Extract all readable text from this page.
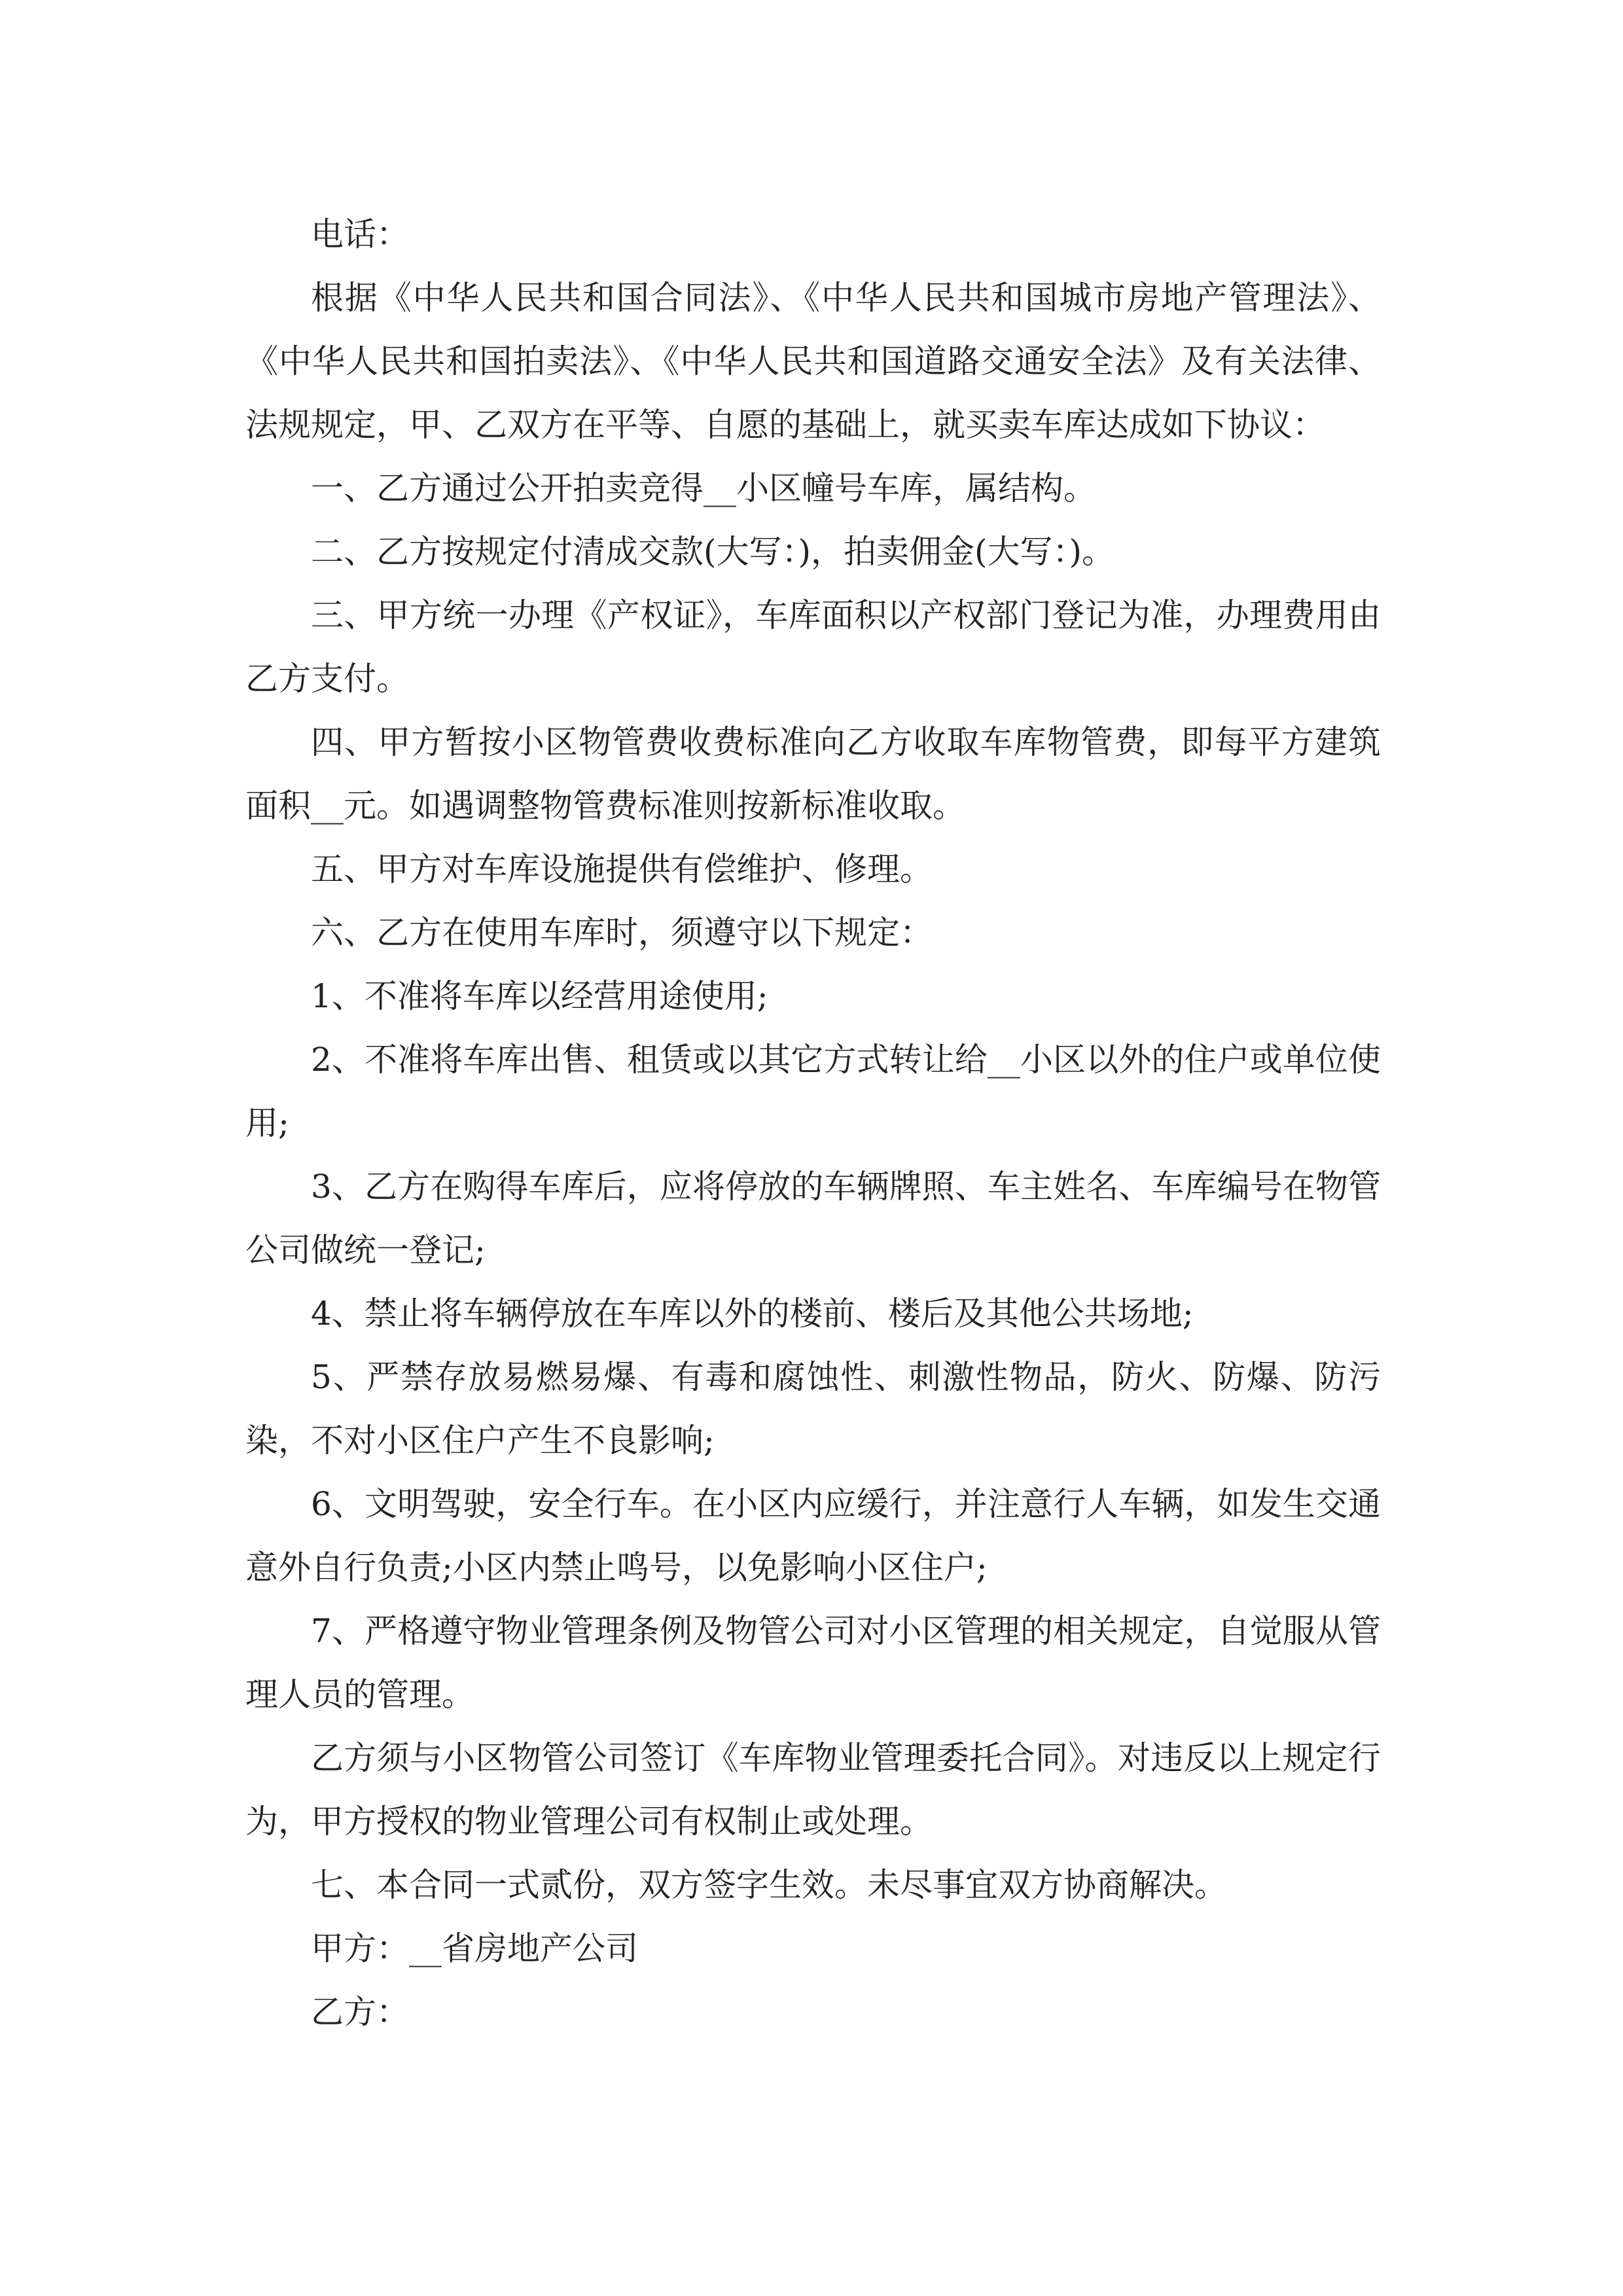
电话：

根据《中华人民共和国合同法》、《中华人民共和国城市房地产管理法》、《中华人民共和国拍卖法》、《中华人民共和国道路交通安全法》及有关法律、法规规定，甲、乙双方在平等、自愿的基础上，就买卖车库达成如下协议：

一、乙方通过公开拍卖竞得__小区幢号车库，属结构。

二、乙方按规定付清成交款(大写：)，拍卖佣金(大写：)。

三、甲方统一办理《产权证》，车库面积以产权部门登记为准，办理费用由乙方支付。

四、甲方暂按小区物管费收费标准向乙方收取车库物管费，即每平方建筑面积__元。如遇调整物管费标准则按新标准收取。

五、甲方对车库设施提供有偿维护、修理。

六、乙方在使用车库时，须遵守以下规定：

1、不准将车库以经营用途使用;

2、不准将车库出售、租赁或以其它方式转让给__小区以外的住户或单位使用;

3、乙方在购得车库后，应将停放的车辆牌照、车主姓名、车库编号在物管公司做统一登记;

4、禁止将车辆停放在车库以外的楼前、楼后及其他公共场地;

5、严禁存放易燃易爆、有毒和腐蚀性、刺激性物品，防火、防爆、防污染，不对小区住户产生不良影响;

6、文明驾驶，安全行车。在小区内应缓行，并注意行人车辆，如发生交通意外自行负责;小区内禁止鸣号，以免影响小区住户;

7、严格遵守物业管理条例及物管公司对小区管理的相关规定，自觉服从管理人员的管理。

乙方须与小区物管公司签订《车库物业管理委托合同》。对违反以上规定行为，甲方授权的物业管理公司有权制止或处理。

七、本合同一式贰份，双方签字生效。未尽事宜双方协商解决。

甲方：__省房地产公司

乙方：
